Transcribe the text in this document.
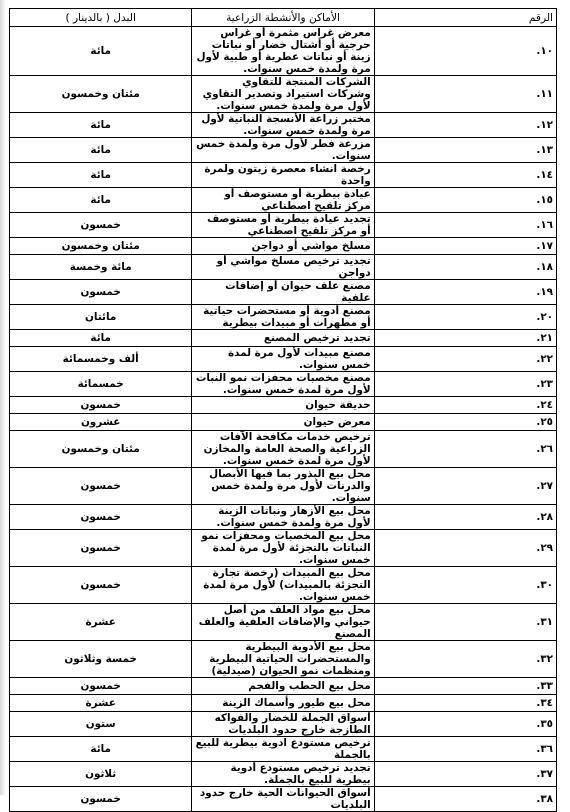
الرقم	الأماكن والأنشطة الزراعية	البدل ( بالدينار )
١٠.	معرض غراس مثمرة أو غراس حرجية أو أشتال خضار أو نباتات زينة أو نباتات عطرية أو طبية لأول مرة ولمدة خمس سنوات.	مائة
١١.	الشركات المنتجة للتقاوي وشركات استيراد وتصدير التقاوي لأول مرة ولمدة خمس سنوات.	مئتان وخمسون
١٢.	مختبر زراعة الأنسجة النباتية لأول مرة ولمدة خمس سنوات.	مائة
١٣.	مزرعة فطر لأول مرة ولمدة خمس سنوات.	مائة
١٤.	رخصة انشاء معصرة زيتون ولمرة واحدة	مائة
١٥.	عيادة بيطرية أو مستوصف أو مركز تلقيح اصطناعي	مائة
١٦.	تجديد عيادة بيطرية أو مستوصف أو مركز تلقيح اصطناعي	خمسون
١٧.	مسلخ مواشي أو دواجن	مئتان وخمسون
١٨.	تجديد ترخيص مسلخ مواشي أو دواجن	مائة وخمسة
١٩.	مصنع علف حيوان أو إضافات علفية	خمسون
٢٠.	مصنع أدوية أو مستحضرات حياتية أو مطهرات أو مبيدات بيطرية	مائتان
٢١.	تجديد ترخيص المصنع	مائة
٢٢.	مصنع مبيدات لأول مرة لمدة خمس سنوات.	ألف وخمسمائة
٢٣.	مصنع مخصبات محفزات نمو النبات لأول مرة لمدة خمس سنوات.	خمسمائة
٢٤.	حديقة حيوان	خمسون
٢٥.	معرض حيوان	عشرون
٢٦.	ترخيص خدمات مكافحة الآفات الزراعية والصحة العامة والمخازن لأول مرة لمدة خمس سنوات.	مئتان وخمسون
٢٧.	محل بيع البذور بما فيها الأبصال والدرنات لأول مرة ولمدة خمس سنوات.	خمسون
٢٨.	محل بيع الأزهار ونباتات الزينة لأول مرة ولمدة خمس سنوات.	خمسون
٢٩.	محل بيع المخصبات ومحفزات نمو النباتات بالتجزئة لأول مرة لمدة خمس سنوات.	خمسون
٣٠.	محل بيع المبيدات (رخصة تجارة التجزئة بالمبيدات) لأول مرة لمدة خمس سنوات.	خمسون
٣١.	محل بيع مواد العلف من أصل حيواني والإضافات العلفية والعلف المصنع	عشرة
٣٢.	محل بيع الأدوية البيطرية والمستحضرات الحياتية البيطرية ومنظمات نمو الحيوان (صيدلية)	خمسة وثلاثون
٣٣.	محل بيع الحطب والفحم	خمسون
٣٤.	محل بيع طيور وأسماك الزينة	عشرة
٣٥.	أسواق الجملة للخضار والفواكه الطازجة خارج حدود البلديات	ستون
٣٦.	ترخيص مستودع ادوية بيطرية للبيع بالجملة	مائة
٣٧.	تجديد ترخيص مستودع أدوية بيطرية للبيع بالجملة.	ثلاثون
٣٨.	أسواق الحيوانات الحية خارج حدود البلديات	خمسون
